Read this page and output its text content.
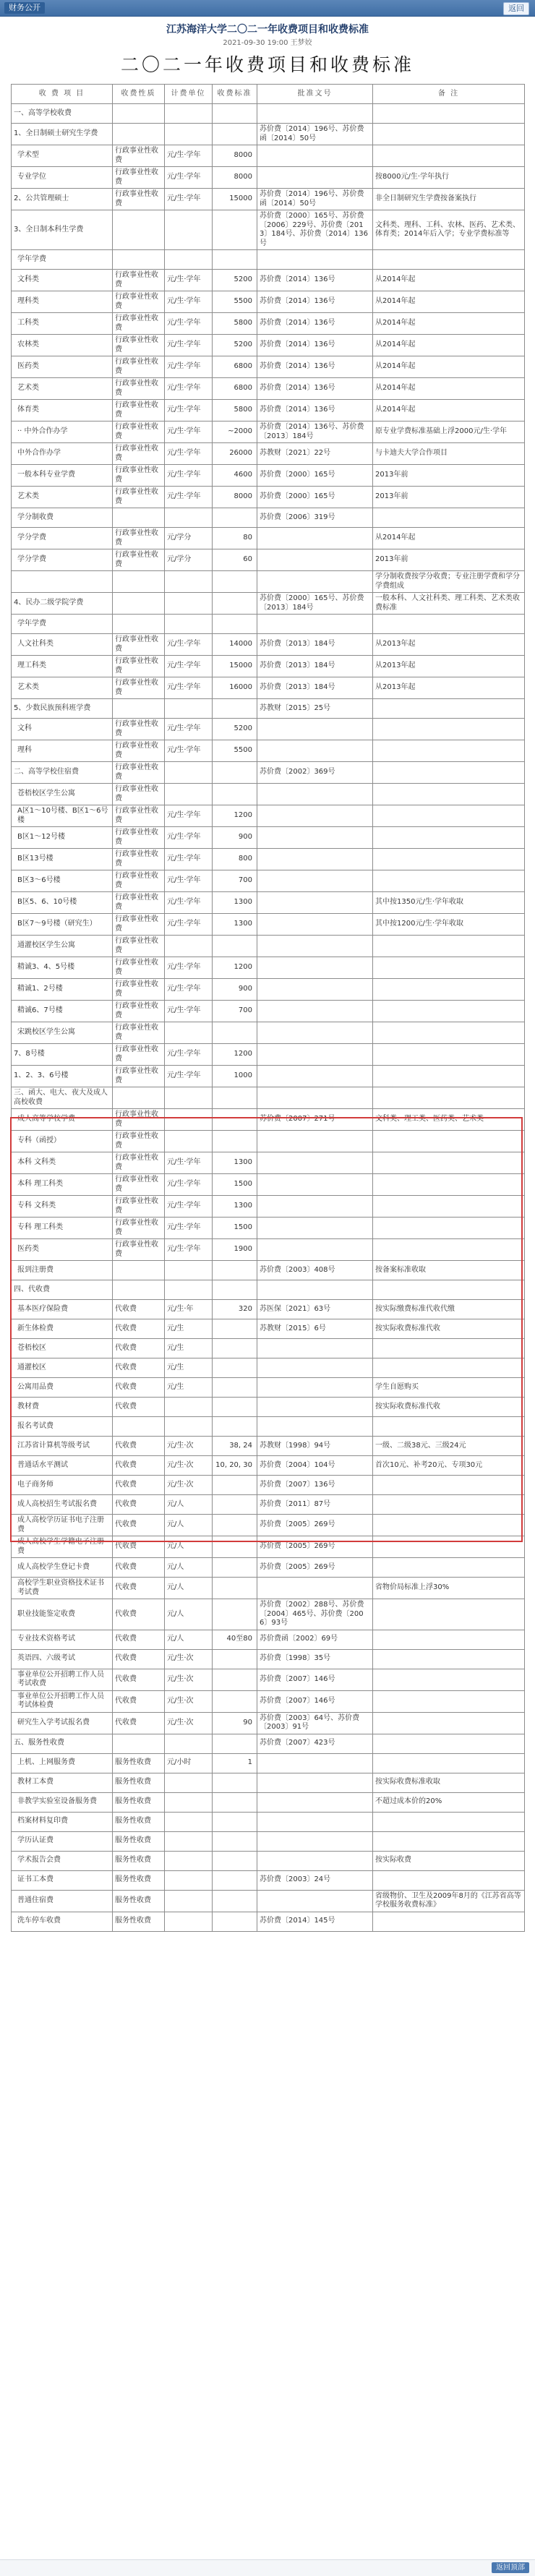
财务公开	返回
江苏海洋大学二〇二一年收费项目和收费标准
2021-09-30 19:00 王梦姣
二〇二一年收费项目和收费标准
收 费 项 目	收费性质	计费单位	收费标准	批准文号	备 注
一、高等学校收费					
1、全日制硕士研究生学费				苏价费〔2014〕196号、苏价费函〔2014〕50号	
学术型	行政事业性收费	元/生·学年	8000		
专业学位	行政事业性收费	元/生·学年	8000		按8000元/生·学年执行
2、公共管理硕士	行政事业性收费	元/生·学年	15000	苏价费〔2014〕196号、苏价费函〔2014〕50号	非全日制研究生学费按备案执行
3、全日制本科生学费				苏价费〔2000〕165号、苏价费〔2006〕229号、苏价费〔2013〕184号、苏价费〔2014〕136号	文科类、理科、工科、农林、医药、艺术类、体育类；2014年后入学；专业学费标准等
学年学费					
文科类	行政事业性收费	元/生·学年	5200	苏价费〔2014〕136号	从2014年起
理科类	行政事业性收费	元/生·学年	5500	苏价费〔2014〕136号	从2014年起
工科类	行政事业性收费	元/生·学年	5800	苏价费〔2014〕136号	从2014年起
农林类	行政事业性收费	元/生·学年	5200	苏价费〔2014〕136号	从2014年起
医药类	行政事业性收费	元/生·学年	6800	苏价费〔2014〕136号	从2014年起
艺术类	行政事业性收费	元/生·学年	6800	苏价费〔2014〕136号	从2014年起
体育类	行政事业性收费	元/生·学年	5800	苏价费〔2014〕136号	从2014年起
·· 中外合作办学	行政事业性收费	元/生·学年	~2000	苏价费〔2014〕136号、苏价费〔2013〕184号	原专业学费标准基础上浮2000元/生·学年
中外合作办学	行政事业性收费	元/生·学年	26000	苏教财〔2021〕22号	与卡迪夫大学合作项目
一般本科专业学费	行政事业性收费	元/生·学年	4600	苏价费〔2000〕165号	2013年前
艺术类	行政事业性收费	元/生·学年	8000	苏价费〔2000〕165号	2013年前
学分制收费				苏价费〔2006〕319号	
学分学费	行政事业性收费	元/学分	80		从2014年起
学分学费	行政事业性收费	元/学分	60		2013年前
					学分制收费按学分收费；专业注册学费和学分学费组成
4、民办二级学院学费				苏价费〔2000〕165号、苏价费〔2013〕184号	一般本科、人文社科类、理工科类、艺术类收费标准
学年学费					
人文社科类	行政事业性收费	元/生·学年	14000	苏价费〔2013〕184号	从2013年起
理工科类	行政事业性收费	元/生·学年	15000	苏价费〔2013〕184号	从2013年起
艺术类	行政事业性收费	元/生·学年	16000	苏价费〔2013〕184号	从2013年起
5、少数民族预科班学费				苏教财〔2015〕25号	
文科	行政事业性收费	元/生·学年	5200		
理科	行政事业性收费	元/生·学年	5500		
二、高等学校住宿费	行政事业性收费			苏价费〔2002〕369号	
苍梧校区学生公寓	行政事业性收费				
A区1～10号楼、B区1～6号楼	行政事业性收费	元/生·学年	1200		
B区1～12号楼	行政事业性收费	元/生·学年	900		
B区13号楼	行政事业性收费	元/生·学年	800		
B区3～6号楼	行政事业性收费	元/生·学年	700		
B区5、6、10号楼	行政事业性收费	元/生·学年	1300		其中按1350元/生·学年收取
B区7～9号楼（研究生）	行政事业性收费	元/生·学年	1300		其中按1200元/生·学年收取
通灌校区学生公寓	行政事业性收费				
精诚3、4、5号楼	行政事业性收费	元/生·学年	1200		
精诚1、2号楼	行政事业性收费	元/生·学年	900		
精诚6、7号楼	行政事业性收费	元/生·学年	700		
宋跳校区学生公寓	行政事业性收费				
7、8号楼	行政事业性收费	元/生·学年	1200		
1、2、3、6号楼	行政事业性收费	元/生·学年	1000		
三、函大、电大、夜大及成人高校收费					
成人高等学校学费	行政事业性收费			苏价费〔2007〕271号	文科类、理工类、医药类、艺术类
专科（函授）	行政事业性收费				
本科 文科类	行政事业性收费	元/生·学年	1300		
本科 理工科类	行政事业性收费	元/生·学年	1500		
专科 文科类	行政事业性收费	元/生·学年	1300		
专科 理工科类	行政事业性收费	元/生·学年	1500		
医药类	行政事业性收费	元/生·学年	1900		
报到注册费				苏价费〔2003〕408号	按备案标准收取
四、代收费					
基本医疗保险费	代收费	元/生·年	320	苏医保〔2021〕63号	按实际缴费标准代收代缴
新生体检费	代收费	元/生		苏教财〔2015〕6号	按实际收费标准代收
苍梧校区	代收费	元/生			
通灌校区	代收费	元/生			
公寓用品费	代收费	元/生			学生自愿购买
教材费	代收费				按实际收费标准代收
报名考试费					
江苏省计算机等级考试	代收费	元/生·次	38, 24	苏教财〔1998〕94号	一级、二级38元、三级24元
普通话水平测试	代收费	元/生·次	10, 20, 30	苏价费〔2004〕104号	首次10元、补考20元、专项30元
电子商务师	代收费	元/生·次		苏价费〔2007〕136号	
成人高校招生考试报名费	代收费	元/人		苏价费〔2011〕87号	
成人高校学历证书电子注册费	代收费	元/人		苏价费〔2005〕269号	
成人高校学生学籍电子注册费	代收费	元/人		苏价费〔2005〕269号	
成人高校学生登记卡费	代收费	元/人		苏价费〔2005〕269号	
高校学生职业资格技术证书考试费	代收费	元/人			省物价局标准上浮30%
职业技能鉴定收费	代收费	元/人		苏价费〔2002〕288号、苏价费〔2004〕465号、苏价费〔2006〕93号	
专业技术资格考试	代收费	元/人	40至80	苏价费函〔2002〕69号	
英语四、六级考试	代收费	元/生·次		苏价费〔1998〕35号	
事业单位公开招聘工作人员考试收费	代收费	元/生·次		苏价费〔2007〕146号	
事业单位公开招聘工作人员考试体检费	代收费	元/生·次		苏价费〔2007〕146号	
研究生入学考试报名费	代收费	元/生·次	90	苏价费〔2003〕64号、苏价费〔2003〕91号	
五、服务性收费				苏价费〔2007〕423号	
上机、上网服务费	服务性收费	元/小时	1		
教材工本费	服务性收费				按实际收费标准收取
非教学实验室设备服务费	服务性收费				不超过成本价的20%
档案材料复印费	服务性收费				
学历认证费	服务性收费				
学术报告会费	服务性收费				按实际收费
证书工本费	服务性收费			苏价费〔2003〕24号	
普通住宿费	服务性收费				省级物价、卫生及2009年8月的《江苏省高等学校服务收费标准》
洗车停车收费	服务性收费			苏价费〔2014〕145号	
返回顶部
